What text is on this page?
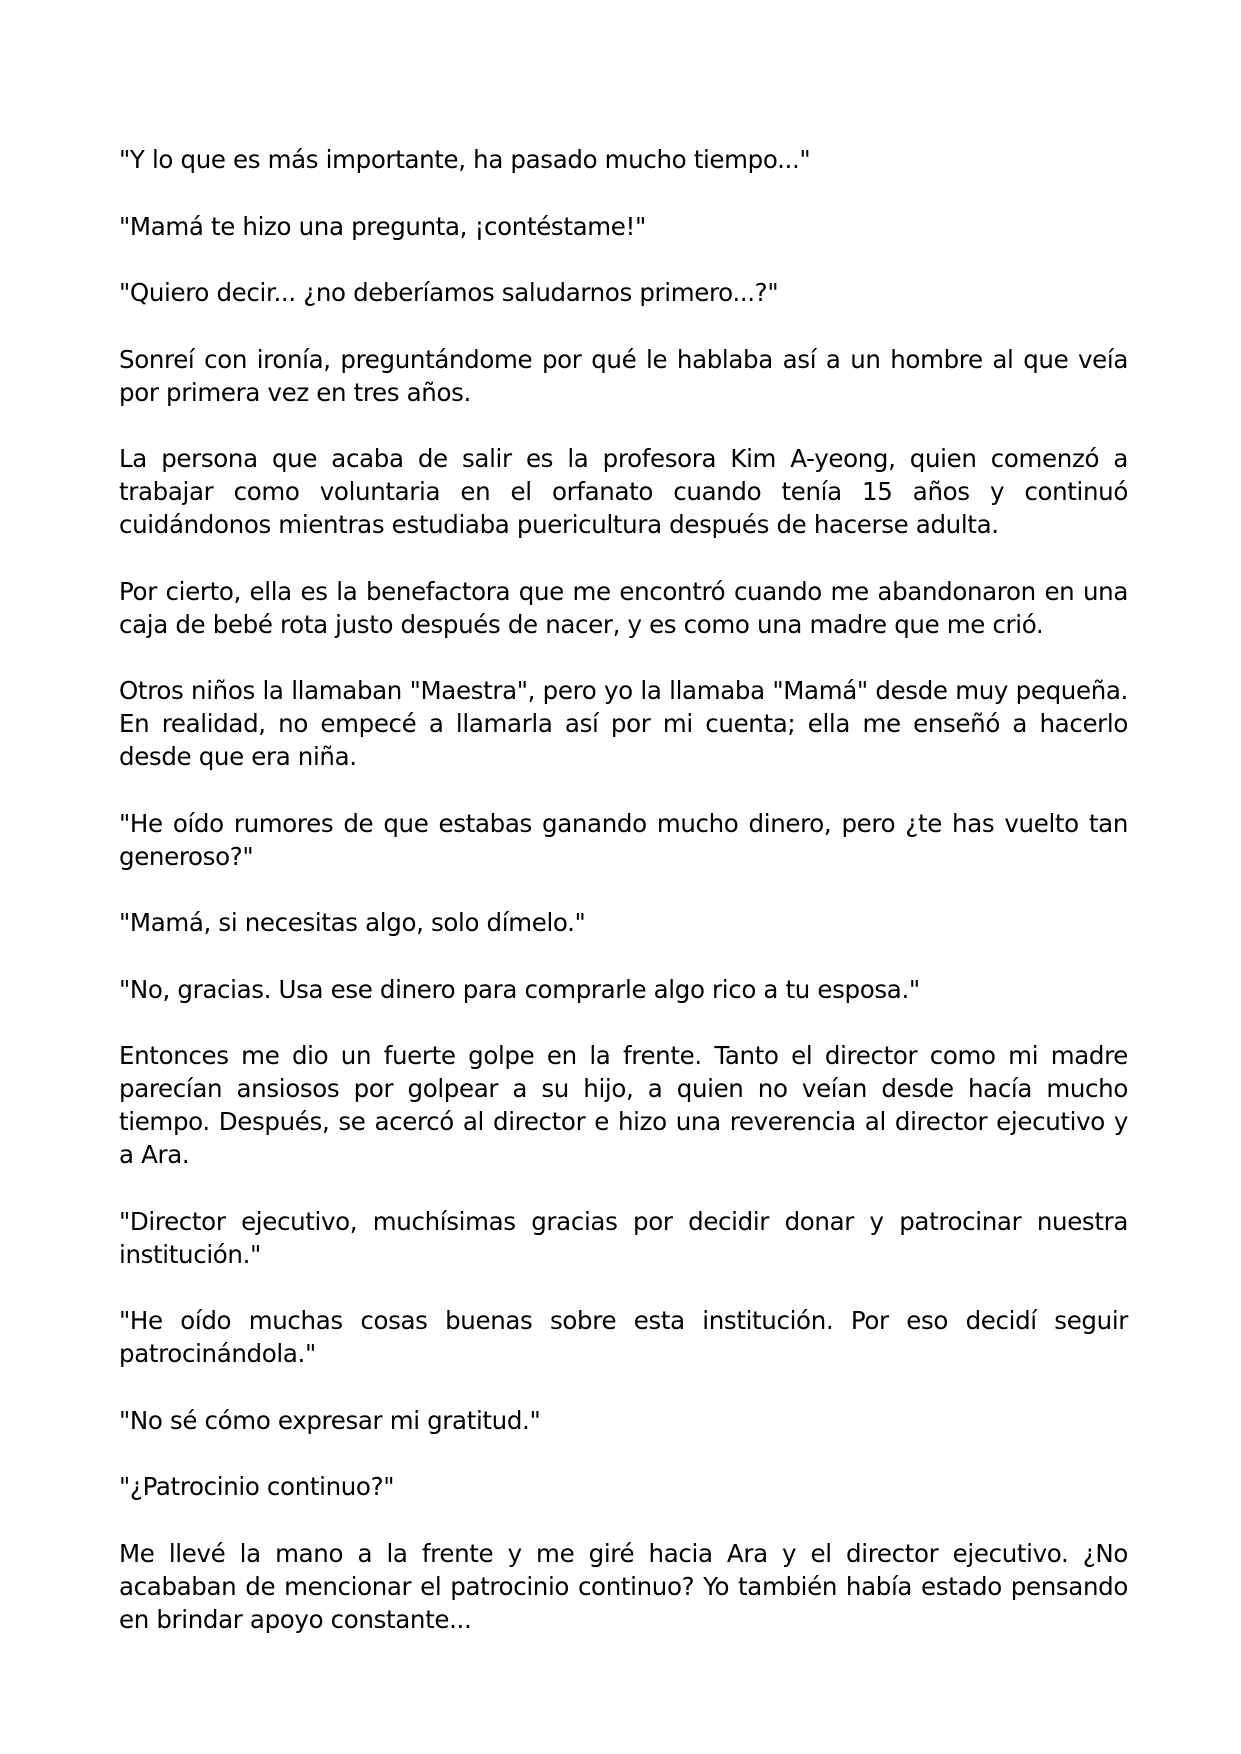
"Y lo que es más importante, ha pasado mucho tiempo..."

"Mamá te hizo una pregunta, ¡contéstame!"

"Quiero decir... ¿no deberíamos saludarnos primero...?"

Sonreí con ironía, preguntándome por qué le hablaba así a un hombre al que veía por primera vez en tres años.

La persona que acaba de salir es la profesora Kim A-yeong, quien comenzó a trabajar como voluntaria en el orfanato cuando tenía 15 años y continuó cuidándonos mientras estudiaba puericultura después de hacerse adulta.

Por cierto, ella es la benefactora que me encontró cuando me abandonaron en una caja de bebé rota justo después de nacer, y es como una madre que me crió.

Otros niños la llamaban "Maestra", pero yo la llamaba "Mamá" desde muy pequeña. En realidad, no empecé a llamarla así por mi cuenta; ella me enseñó a hacerlo desde que era niña.

"He oído rumores de que estabas ganando mucho dinero, pero ¿te has vuelto tan generoso?"

"Mamá, si necesitas algo, solo dímelo."

"No, gracias. Usa ese dinero para comprarle algo rico a tu esposa."

Entonces me dio un fuerte golpe en la frente. Tanto el director como mi madre parecían ansiosos por golpear a su hijo, a quien no veían desde hacía mucho tiempo. Después, se acercó al director e hizo una reverencia al director ejecutivo y a Ara.

"Director ejecutivo, muchísimas gracias por decidir donar y patrocinar nuestra institución."

"He oído muchas cosas buenas sobre esta institución. Por eso decidí seguir patrocinándola."

"No sé cómo expresar mi gratitud."

"¿Patrocinio continuo?"

Me llevé la mano a la frente y me giré hacia Ara y el director ejecutivo. ¿No acababan de mencionar el patrocinio continuo? Yo también había estado pensando en brindar apoyo constante...
